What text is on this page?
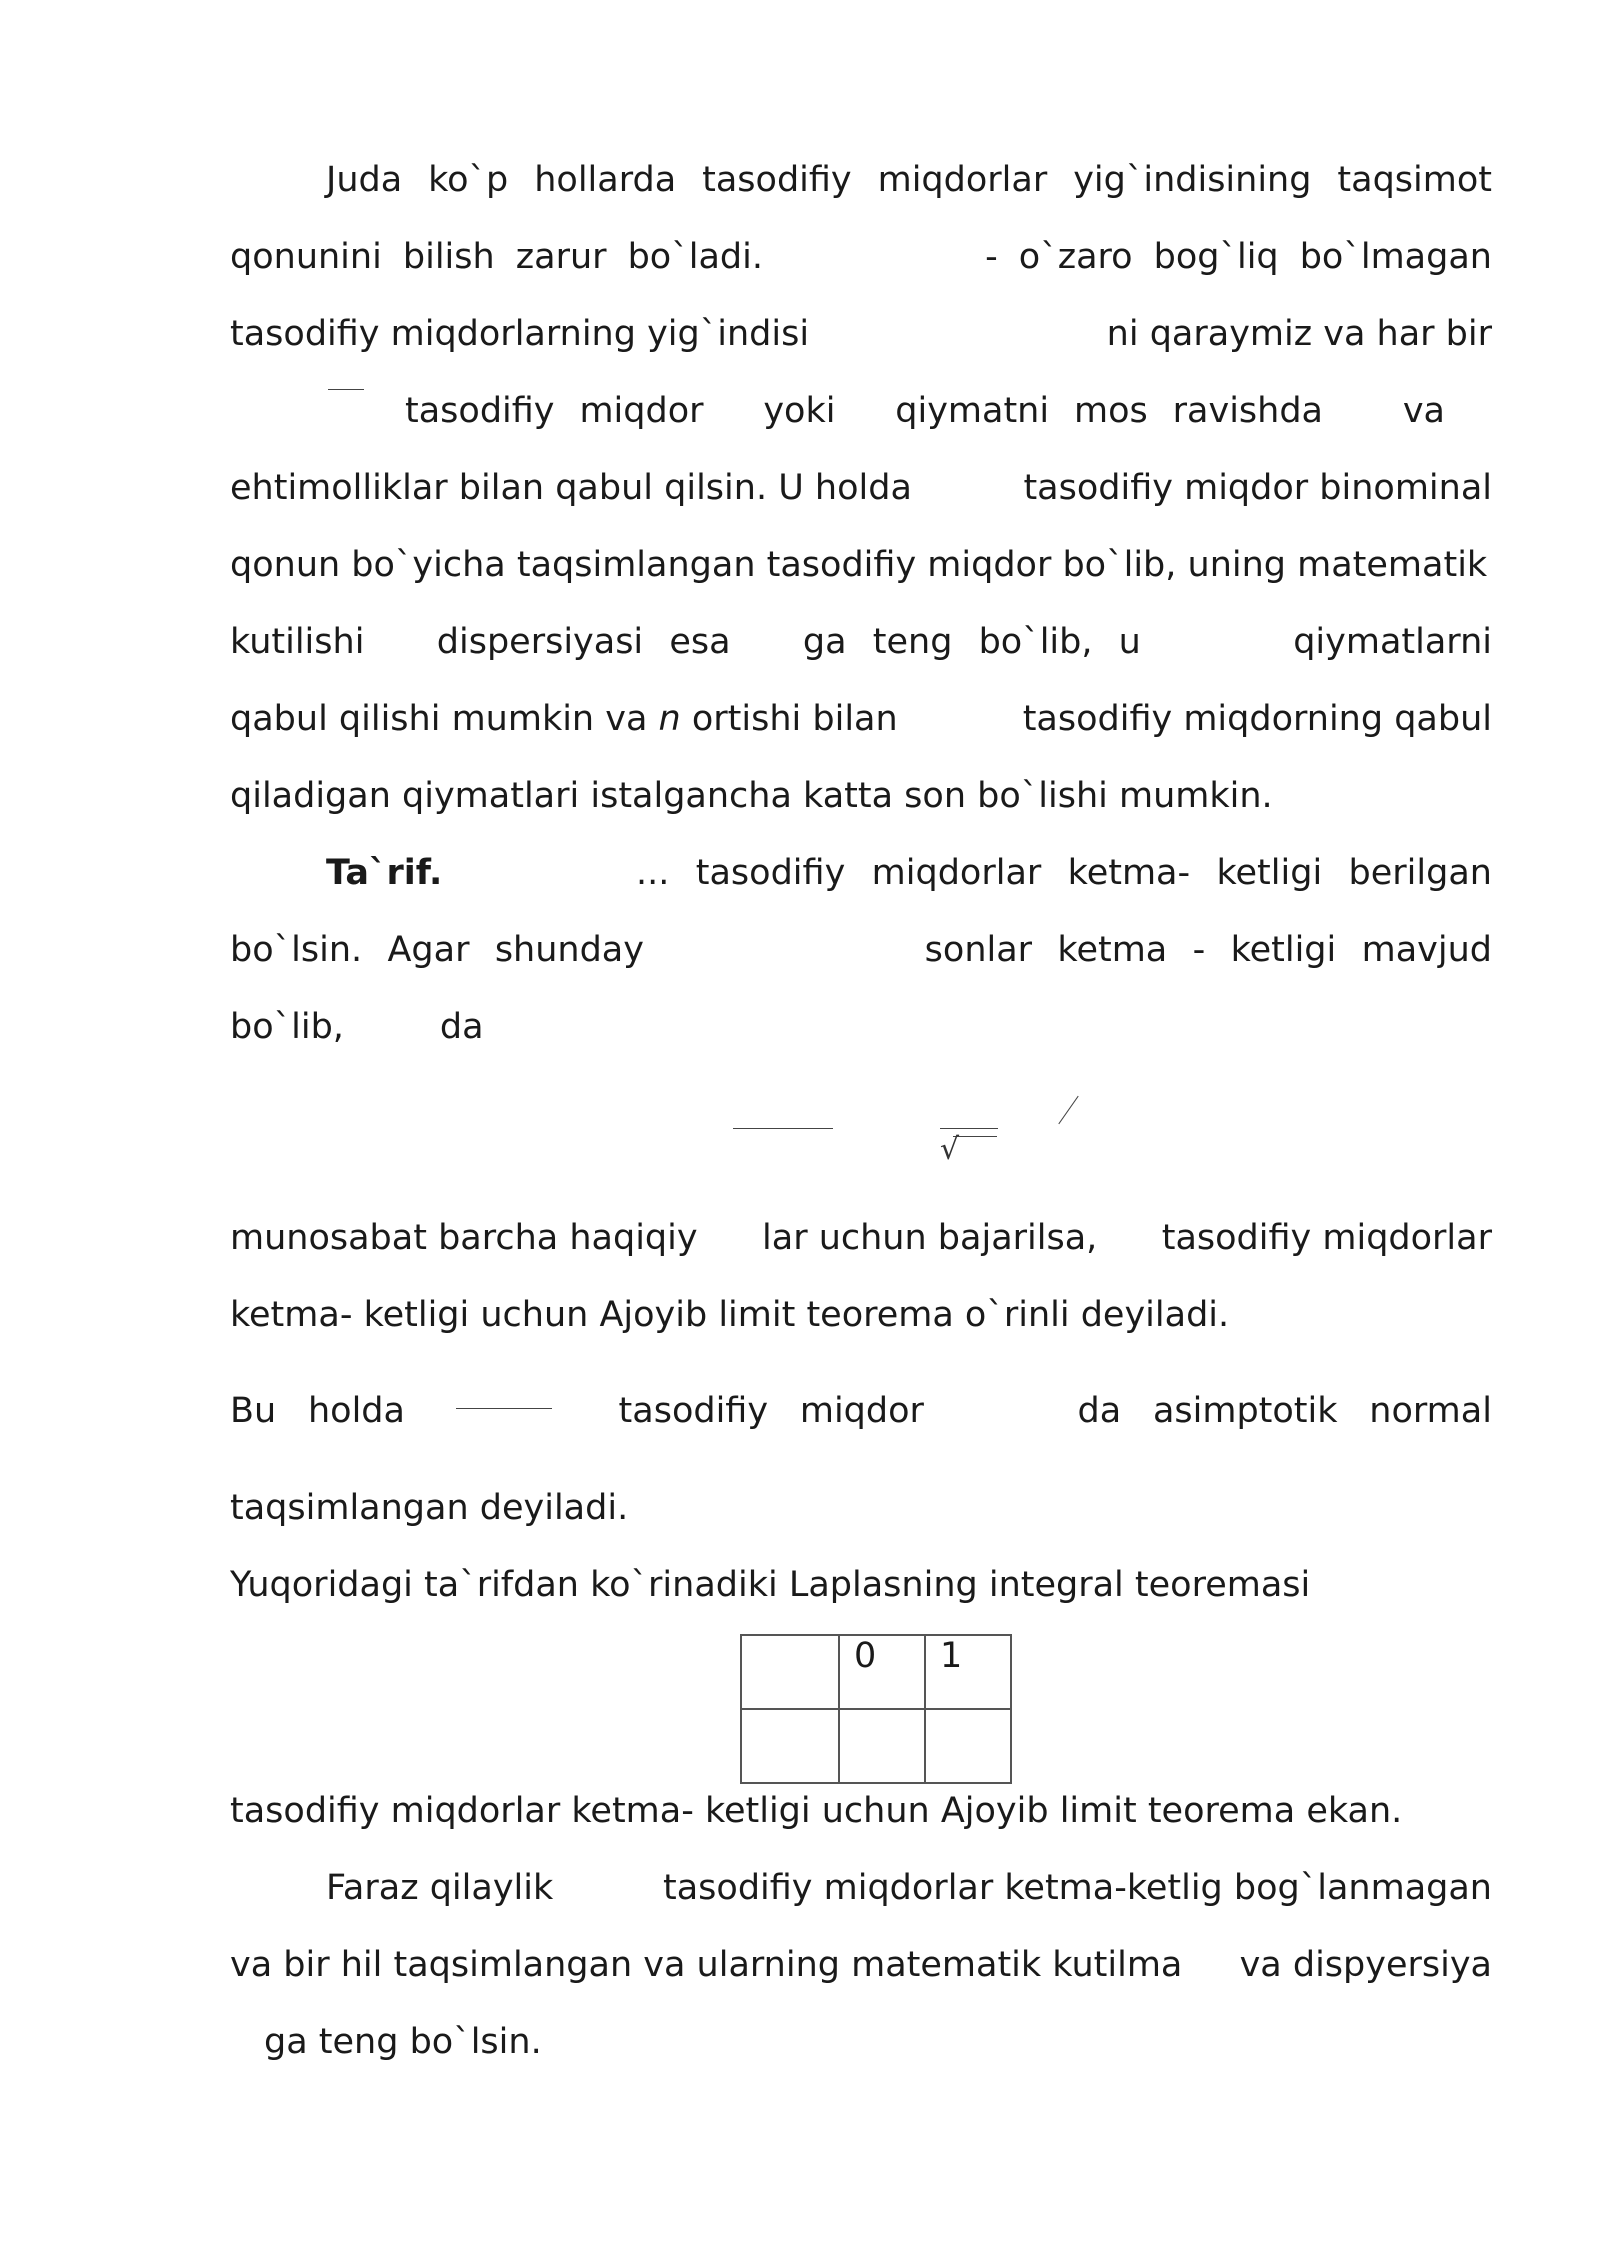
Juda ko`p hollarda tasodifiy miqdorlar yig`indisining taqsimot
qonunini bilish zarur bo`ladi.	- o`zaro bog`liq bo`lmagan
tasodifiy miqdorlarning yig`indisi	ni qaraymiz va har bir
tasodifiy miqdor yoki qiymatni mos ravishda va
ehtimolliklar bilan qabul qilsin. U holda	tasodifiy miqdor binominal
qonun bo`yicha taqsimlangan tasodifiy miqdor bo`lib, uning matematik
kutilishi dispersiyasi esa ga teng bo`lib, u	qiymatlarni
qabul qilishi mumkin va n ortishi bilan	tasodifiy miqdorning qabul
qiladigan qiymatlari istalgancha katta son bo`lishi mumkin.
Ta`rif.	... tasodifiy miqdorlar ketma- ketligi berilgan
bo`lsin. Agar shunday	sonlar ketma - ketligi mavjud
bo`lib,	da
√
munosabat barcha haqiqiy lar uchun bajarilsa, tasodifiy miqdorlar
ketma- ketligi uchun Ajoyib limit teorema o`rinli deyiladi.
Bu holda	tasodifiy miqdor	da asimptotik normal
taqsimlangan deyiladi.
Yuqoridagi ta`rifdan ko`rinadiki Laplasning integral teoremasi
	0	1

tasodifiy miqdorlar ketma- ketligi uchun Ajoyib limit teorema ekan.
Faraz qilaylik	tasodifiy miqdorlar ketma-ketlig bog`lanmagan
va bir hil taqsimlangan va ularning matematik kutilma va dispyersiya
ga teng bo`lsin.
